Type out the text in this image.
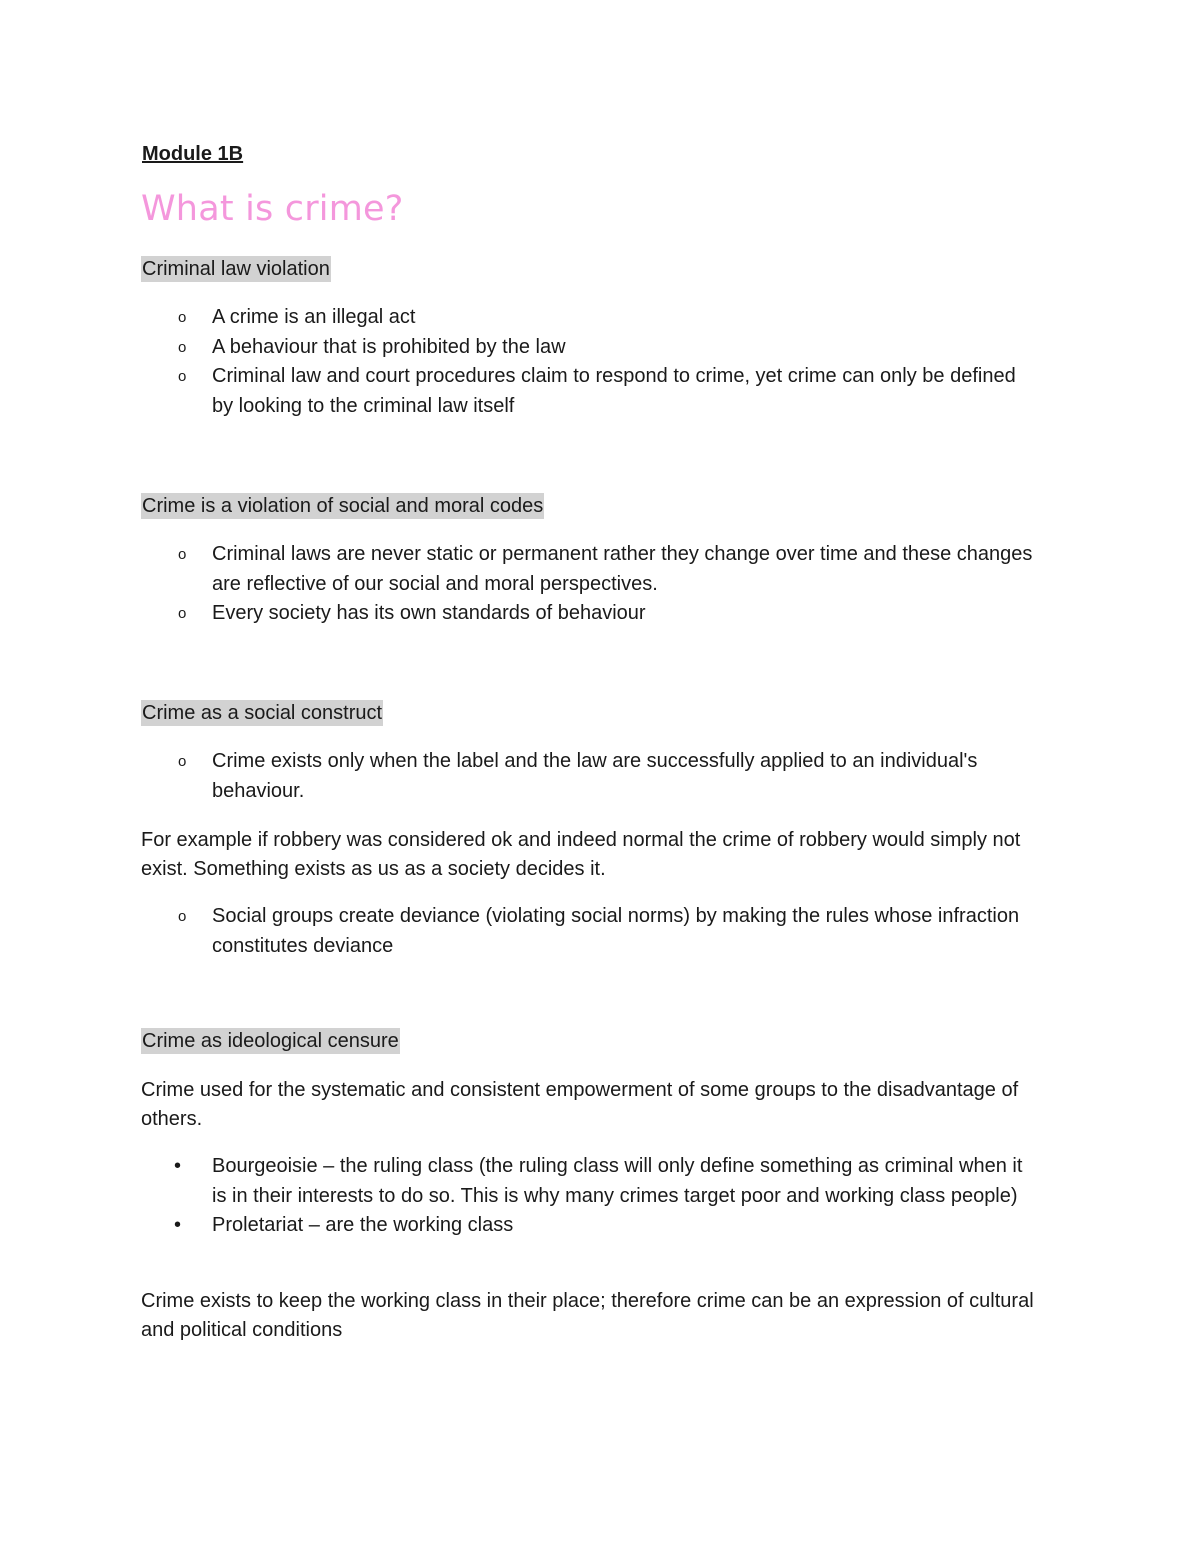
Module 1B

What is crime?

Criminal law violation

o A crime is an illegal act
o A behaviour that is prohibited by the law
o Criminal law and court procedures claim to respond to crime, yet crime can only be defined by looking to the criminal law itself

Crime is a violation of social and moral codes

o Criminal laws are never static or permanent rather they change over time and these changes are reflective of our social and moral perspectives.
o Every society has its own standards of behaviour

Crime as a social construct

o Crime exists only when the label and the law are successfully applied to an individual's behaviour.

For example if robbery was considered ok and indeed normal the crime of robbery would simply not exist. Something exists as us as a society decides it.

o Social groups create deviance (violating social norms) by making the rules whose infraction constitutes deviance

Crime as ideological censure

Crime used for the systematic and consistent empowerment of some groups to the disadvantage of others.

• Bourgeoisie – the ruling class (the ruling class will only define something as criminal when it is in their interests to do so. This is why many crimes target poor and working class people)
• Proletariat – are the working class

Crime exists to keep the working class in their place; therefore crime can be an expression of cultural and political conditions
